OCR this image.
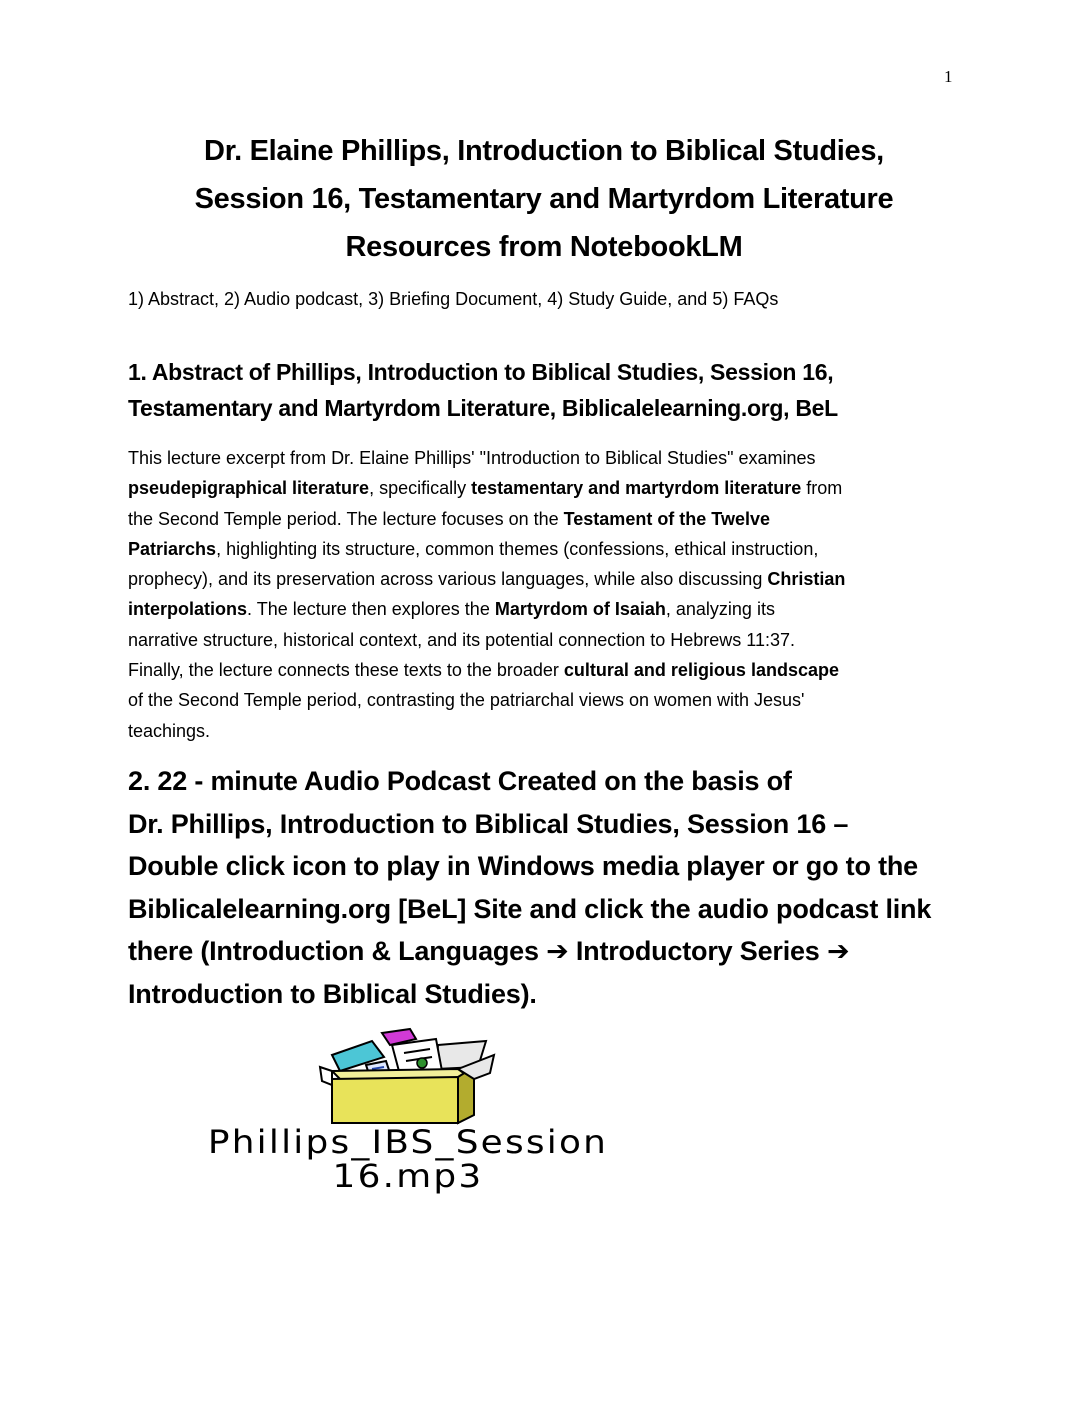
1
Dr. Elaine Phillips, Introduction to Biblical Studies,
Session 16, Testamentary and Martyrdom Literature
Resources from NotebookLM
1) Abstract, 2) Audio podcast, 3) Briefing Document, 4) Study Guide, and 5) FAQs
1. Abstract of Phillips, Introduction to Biblical Studies, Session 16,
Testamentary and Martyrdom Literature, Biblicalelearning.org, BeL
This lecture excerpt from Dr. Elaine Phillips' "Introduction to Biblical Studies" examines
pseudepigraphical literature, specifically testamentary and martyrdom literature from
the Second Temple period. The lecture focuses on the Testament of the Twelve
Patriarchs, highlighting its structure, common themes (confessions, ethical instruction,
prophecy), and its preservation across various languages, while also discussing Christian
interpolations. The lecture then explores the Martyrdom of Isaiah, analyzing its
narrative structure, historical context, and its potential connection to Hebrews 11:37.
Finally, the lecture connects these texts to the broader cultural and religious landscape
of the Second Temple period, contrasting the patriarchal views on women with Jesus'
teachings.
2. 22 - minute Audio Podcast Created on the basis of
Dr. Phillips, Introduction to Biblical Studies, Session 16 –
Double click icon to play in Windows media player or go to the
Biblicalelearning.org [BeL] Site and click the audio podcast link
there (Introduction & Languages ➔ Introductory Series ➔
Introduction to Biblical Studies).
Phillips_IBS_Session
16.mp3
